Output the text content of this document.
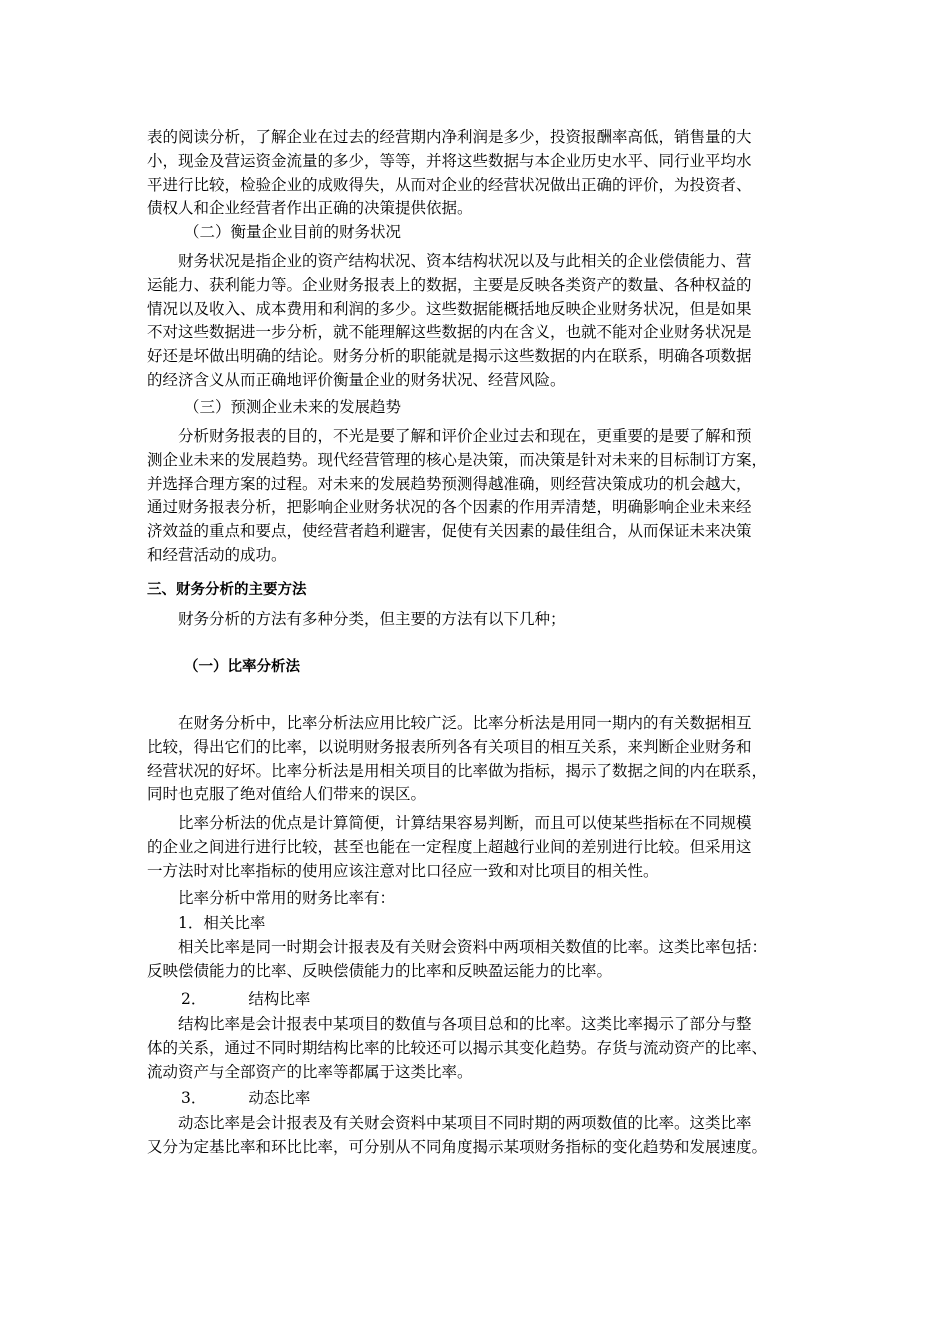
表的阅读分析，了解企业在过去的经营期内净利润是多少，投资报酬率高低，销售量的大
小，现金及营运资金流量的多少，等等，并将这些数据与本企业历史水平、同行业平均水
平进行比较，检验企业的成败得失，从而对企业的经营状况做出正确的评价，为投资者、
债权人和企业经营者作出正确的决策提供依据。
（二）衡量企业目前的财务状况
财务状况是指企业的资产结构状况、资本结构状况以及与此相关的企业偿债能力、营
运能力、获利能力等。企业财务报表上的数据，主要是反映各类资产的数量、各种权益的
情况以及收入、成本费用和利润的多少。这些数据能概括地反映企业财务状况，但是如果
不对这些数据进一步分析，就不能理解这些数据的内在含义，也就不能对企业财务状况是
好还是坏做出明确的结论。财务分析的职能就是揭示这些数据的内在联系，明确各项数据
的经济含义从而正确地评价衡量企业的财务状况、经营风险。
（三）预测企业未来的发展趋势
分析财务报表的目的，不光是要了解和评价企业过去和现在，更重要的是要了解和预
测企业未来的发展趋势。现代经营管理的核心是决策，而决策是针对未来的目标制订方案，
并选择合理方案的过程。对未来的发展趋势预测得越准确，则经营决策成功的机会越大，
通过财务报表分析，把影响企业财务状况的各个因素的作用弄清楚，明确影响企业未来经
济效益的重点和要点，使经营者趋利避害，促使有关因素的最佳组合，从而保证未来决策
和经营活动的成功。
三、财务分析的主要方法
财务分析的方法有多种分类，但主要的方法有以下几种；
（一）比率分析法
在财务分析中，比率分析法应用比较广泛。比率分析法是用同一期内的有关数据相互
比较，得出它们的比率，以说明财务报表所列各有关项目的相互关系，来判断企业财务和
经营状况的好坏。比率分析法是用相关项目的比率做为指标，揭示了数据之间的内在联系，
同时也克服了绝对值给人们带来的误区。
比率分析法的优点是计算简便，计算结果容易判断，而且可以使某些指标在不同规模
的企业之间进行进行比较，甚至也能在一定程度上超越行业间的差别进行比较。但采用这
一方法时对比率指标的使用应该注意对比口径应一致和对比项目的相关性。
比率分析中常用的财务比率有：
1．相关比率
相关比率是同一时期会计报表及有关财会资料中两项相关数值的比率。这类比率包括：
反映偿债能力的比率、反映偿债能力的比率和反映盈运能力的比率。
2．	结构比率
结构比率是会计报表中某项目的数值与各项目总和的比率。这类比率揭示了部分与整
体的关系，通过不同时期结构比率的比较还可以揭示其变化趋势。存货与流动资产的比率、
流动资产与全部资产的比率等都属于这类比率。
3．	动态比率
动态比率是会计报表及有关财会资料中某项目不同时期的两项数值的比率。这类比率
又分为定基比率和环比比率，可分别从不同角度揭示某项财务指标的变化趋势和发展速度。
